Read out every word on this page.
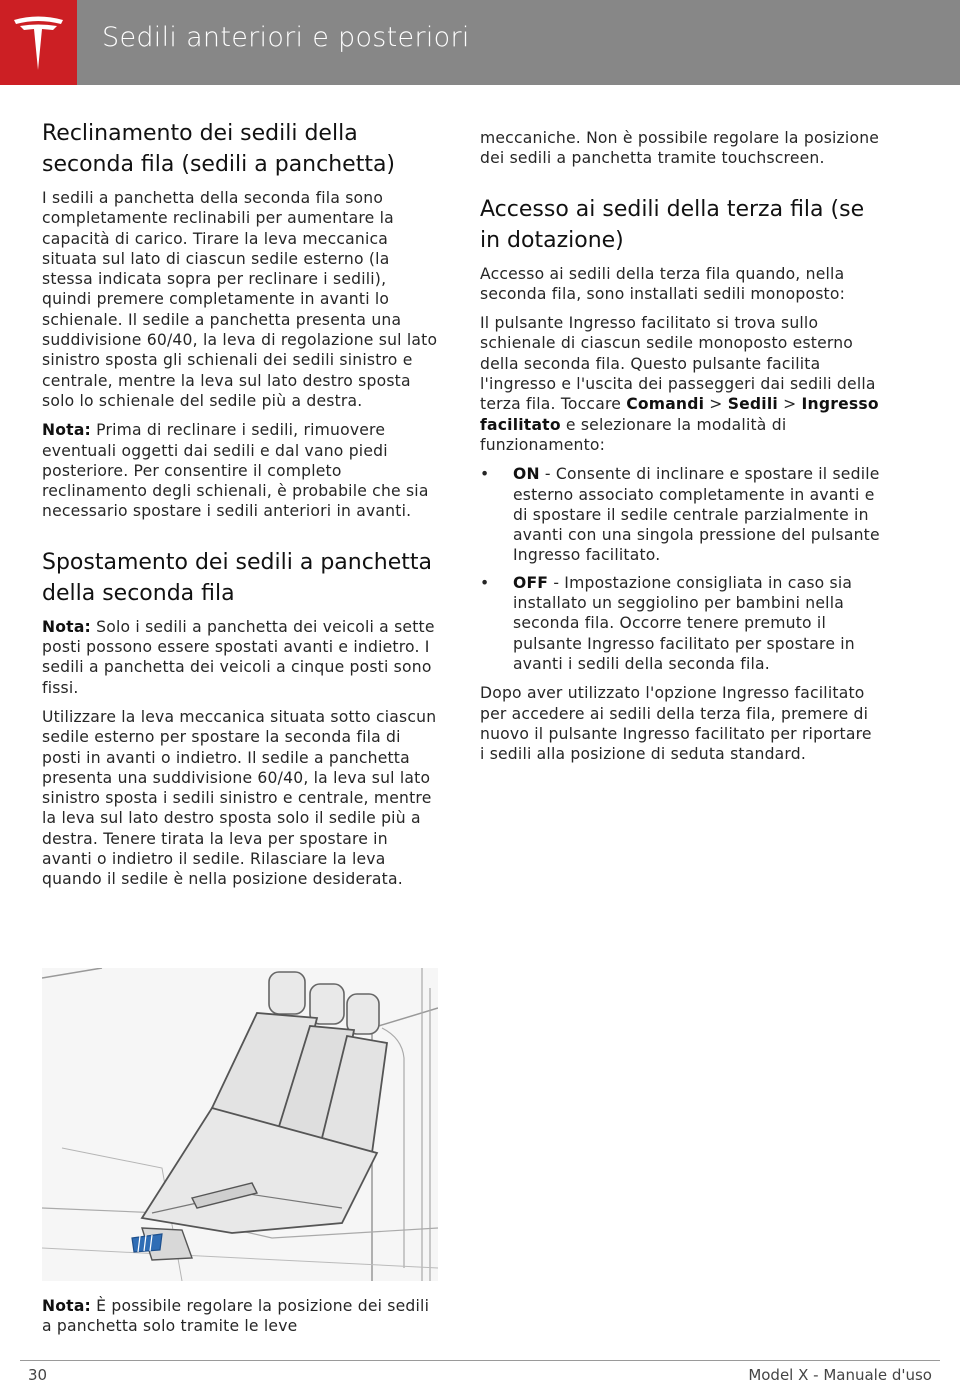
Sedili anteriori e posteriori
Reclinamento dei sedili della seconda fila (sedili a panchetta)

I sedili a panchetta della seconda fila sono completamente reclinabili per aumentare la capacità di carico. Tirare la leva meccanica situata sul lato di ciascun sedile esterno (la stessa indicata sopra per reclinare i sedili), quindi premere completamente in avanti lo schienale. Il sedile a panchetta presenta una suddivisione 60/40, la leva di regolazione sul lato sinistro sposta gli schienali dei sedili sinistro e centrale, mentre la leva sul lato destro sposta solo lo schienale del sedile più a destra.

Nota: Prima di reclinare i sedili, rimuovere eventuali oggetti dai sedili e dal vano piedi posteriore. Per consentire il completo reclinamento degli schienali, è probabile che sia necessario spostare i sedili anteriori in avanti.

Spostamento dei sedili a panchetta della seconda fila

Nota: Solo i sedili a panchetta dei veicoli a sette posti possono essere spostati avanti e indietro. I sedili a panchetta dei veicoli a cinque posti sono fissi.

Utilizzare la leva meccanica situata sotto ciascun sedile esterno per spostare la seconda fila di posti in avanti o indietro. Il sedile a panchetta presenta una suddivisione 60/40, la leva sul lato sinistro sposta i sedili sinistro e centrale, mentre la leva sul lato destro sposta solo il sedile più a destra. Tenere tirata la leva per spostare in avanti o indietro il sedile. Rilasciare la leva quando il sedile è nella posizione desiderata.

Nota: È possibile regolare la posizione dei sedili a panchetta solo tramite le leve

meccaniche. Non è possibile regolare la posizione dei sedili a panchetta tramite touchscreen.

Accesso ai sedili della terza fila (se in dotazione)

Accesso ai sedili della terza fila quando, nella seconda fila, sono installati sedili monoposto:

Il pulsante Ingresso facilitato si trova sullo schienale di ciascun sedile monoposto esterno della seconda fila. Questo pulsante facilita l'ingresso e l'uscita dei passeggeri dai sedili della terza fila. Toccare Comandi > Sedili > Ingresso facilitato e selezionare la modalità di funzionamento:

• ON - Consente di inclinare e spostare il sedile esterno associato completamente in avanti e di spostare il sedile centrale parzialmente in avanti con una singola pressione del pulsante Ingresso facilitato.
• OFF - Impostazione consigliata in caso sia installato un seggiolino per bambini nella seconda fila. Occorre tenere premuto il pulsante Ingresso facilitato per spostare in avanti i sedili della seconda fila.

Dopo aver utilizzato l'opzione Ingresso facilitato per accedere ai sedili della terza fila, premere di nuovo il pulsante Ingresso facilitato per riportare i sedili alla posizione di seduta standard.

30	Model X - Manuale d'uso
